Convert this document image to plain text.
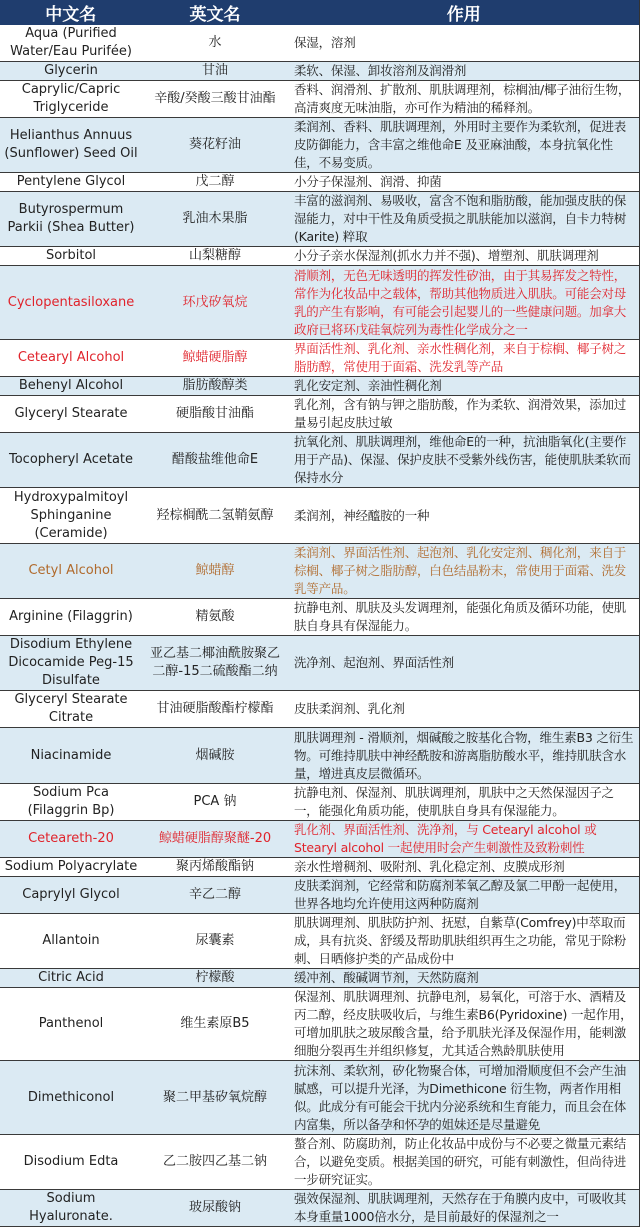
中文名	英文名	作用
Aqua (Purified Water/Eau Purifée)	水	保湿，溶剂
Glycerin	甘油	柔软、保湿、卸妆溶剂及润滑剂
Caprylic/Capric Triglyceride	辛酸/癸酸三酸甘油酯	香料、润滑剂、扩散剂、肌肤调理剂，棕榈油/椰子油衍生物，高清爽度无味油脂，亦可作为精油的稀释剂。
Helianthus Annuus (Sunflower) Seed Oil	葵花籽油	柔润剂、香料、肌肤调理剂，外用时主要作为柔软剂，促进表皮防御能力，含丰富之维他命E 及亚麻油酸，本身抗氧化性佳，不易变质。
Pentylene Glycol	戊二醇	小分子保湿剂、润滑、抑菌
Butyrospermum Parkii (Shea Butter)	乳油木果脂	丰富的滋润剂、易吸收，富含不饱和脂肪酸，能加强皮肤的保湿能力，对中干性及角质受损之肌肤能加以滋润，自卡力特树(Karite) 粹取
Sorbitol	山梨糖醇	小分子亲水保湿剂(抓水力并不强)、增塑剂、肌肤调理剂
Cyclopentasiloxane	环戊矽氧烷	滑顺剂，无色无味透明的挥发性矽油，由于其易挥发之特性，常作为化妆品中之载体，帮助其他物质进入肌肤。可能会对母乳的产生有影响，有可能会引起婴儿的一些健康问题。加拿大政府已将环戊硅氧烷列为毒性化学成分之一
Cetearyl Alcohol	鲸蜡硬脂醇	界面活性剂、乳化剂、亲水性稠化剂，来自于棕榈、椰子树之脂肪醇，常使用于面霜、洗发乳等产品
Behenyl Alcohol	脂肪酸醇类	乳化安定剂、亲油性稠化剂
Glyceryl Stearate	硬脂酸甘油酯	乳化剂，含有钠与钾之脂肪酸，作为柔软、润滑效果，添加过量易引起皮肤过敏
Tocopheryl Acetate	醋酸盐维他命E	抗氧化剂、肌肤调理剂，维他命E的一种，抗油脂氧化(主要作用于产品)、保湿、保护皮肤不受紫外线伤害，能使肌肤柔软而保持水分
Hydroxypalmitoyl Sphinganine (Ceramide)	羟棕榈酰二氢鞘氨醇	柔润剂，神经醯胺的一种
Cetyl Alcohol	鲸蜡醇	柔润剂、界面活性剂、起泡剂、乳化安定剂、稠化剂，来自于棕榈、椰子树之脂肪醇，白色结晶粉末，常使用于面霜、洗发乳等产品。
Arginine (Filaggrin)	精氨酸	抗静电剂、肌肤及头发调理剂，能强化角质及循环功能，使肌肤自身具有保湿能力。
Disodium Ethylene Dicocamide Peg-15 Disulfate	亚乙基二椰油酰胺聚乙二醇-15二硫酸酯二纳	洗净剂、起泡剂、界面活性剂
Glyceryl Stearate Citrate	甘油硬脂酸酯柠檬酯	皮肤柔润剂、乳化剂
Niacinamide	烟碱胺	肌肤调理剂 - 滑顺剂，烟碱酸之胺基化合物，维生素B3 之衍生物。可维持肌肤中神经酰胺和游离脂肪酸水平，维持肌肤含水量，增进真皮层微循环。
Sodium Pca (Filaggrin Bp)	PCA 钠	抗静电剂、保湿剂、肌肤调理剂，肌肤中之天然保湿因子之一，能强化角质功能，使肌肤自身具有保湿能力。
Ceteareth-20	鲸蜡硬脂醇聚醚-20	乳化剂、界面活性剂、洗净剂，与 Cetearyl alcohol 或 Stearyl alcohol 一起使用时会产生刺激性及致粉刺性
Sodium Polyacrylate	聚丙烯酸酯钠	亲水性增稠剂、吸附剂、乳化稳定剂、皮膜成形剂
Caprylyl Glycol	辛乙二醇	皮肤柔润剂，它经常和防腐剂苯氧乙醇及氯二甲酚一起使用，世界各地均允许使用这两种防腐剂
Allantoin	尿囊素	肌肤调理剂、肌肤防护剂、抚慰，自紫草(Comfrey)中萃取而成，具有抗炎、舒缓及帮助肌肤组织再生之功能，常见于除粉刺、日晒修护类的产品成份中
Citric Acid	柠檬酸	缓冲剂、酸碱调节剂，天然防腐剂
Panthenol	维生素原B5	保湿剂、肌肤调理剂、抗静电剂，易氧化，可溶于水、酒精及丙二醇，经皮肤吸收后，与维生素B6(Pyridoxine) 一起作用，可增加肌肤之玻尿酸含量，给予肌肤光泽及保湿作用，能刺激细胞分裂再生并组织修复，尤其适合熟龄肌肤使用
Dimethiconol	聚二甲基矽氧烷醇	抗沫剂、柔软剂，矽化物聚合体，可增加滑顺度但不会产生油腻感，可以提升光泽，为Dimethicone 衍生物，两者作用相似。此成分有可能会干扰内分泌系统和生育能力，而且会在体内富集，所以备孕和怀孕的姐妹还是尽量避免
Disodium Edta	乙二胺四乙基二钠	螯合剂、防腐助剂，防止化妆品中成份与不必要之微量元素结合，以避免变质。根据美国的研究，可能有刺激性，但尚待进一步研究证实。
Sodium Hyaluronate.	玻尿酸钠	强效保湿剂、肌肤调理剂，天然存在于角膜内皮中，可吸收其本身重量1000倍水分，是目前最好的保湿剂之一
